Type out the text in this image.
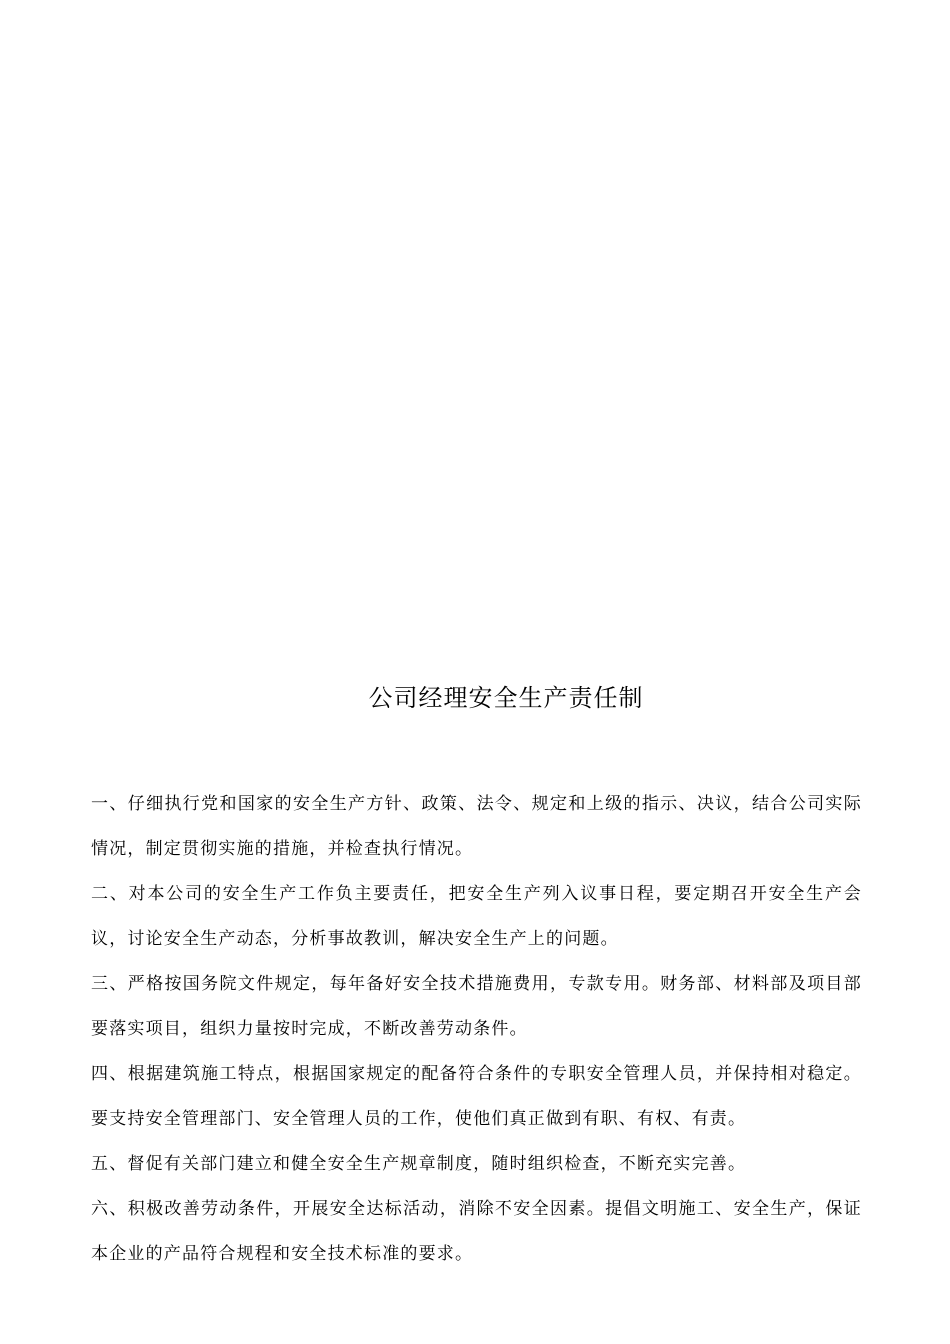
公司经理安全生产责任制

一、仔细执行党和国家的安全生产方针、政策、法令、规定和上级的指示、决议，结合公司实际情况，制定贯彻实施的措施，并检查执行情况。

二、对本公司的安全生产工作负主要责任，把安全生产列入议事日程，要定期召开安全生产会议，讨论安全生产动态，分析事故教训，解决安全生产上的问题。

三、严格按国务院文件规定，每年备好安全技术措施费用，专款专用。财务部、材料部及项目部要落实项目，组织力量按时完成，不断改善劳动条件。

四、根据建筑施工特点，根据国家规定的配备符合条件的专职安全管理人员，并保持相对稳定。要支持安全管理部门、安全管理人员的工作，使他们真正做到有职、有权、有责。

五、督促有关部门建立和健全安全生产规章制度，随时组织检查，不断充实完善。

六、积极改善劳动条件，开展安全达标活动，消除不安全因素。提倡文明施工、安全生产，保证本企业的产品符合规程和安全技术标准的要求。
